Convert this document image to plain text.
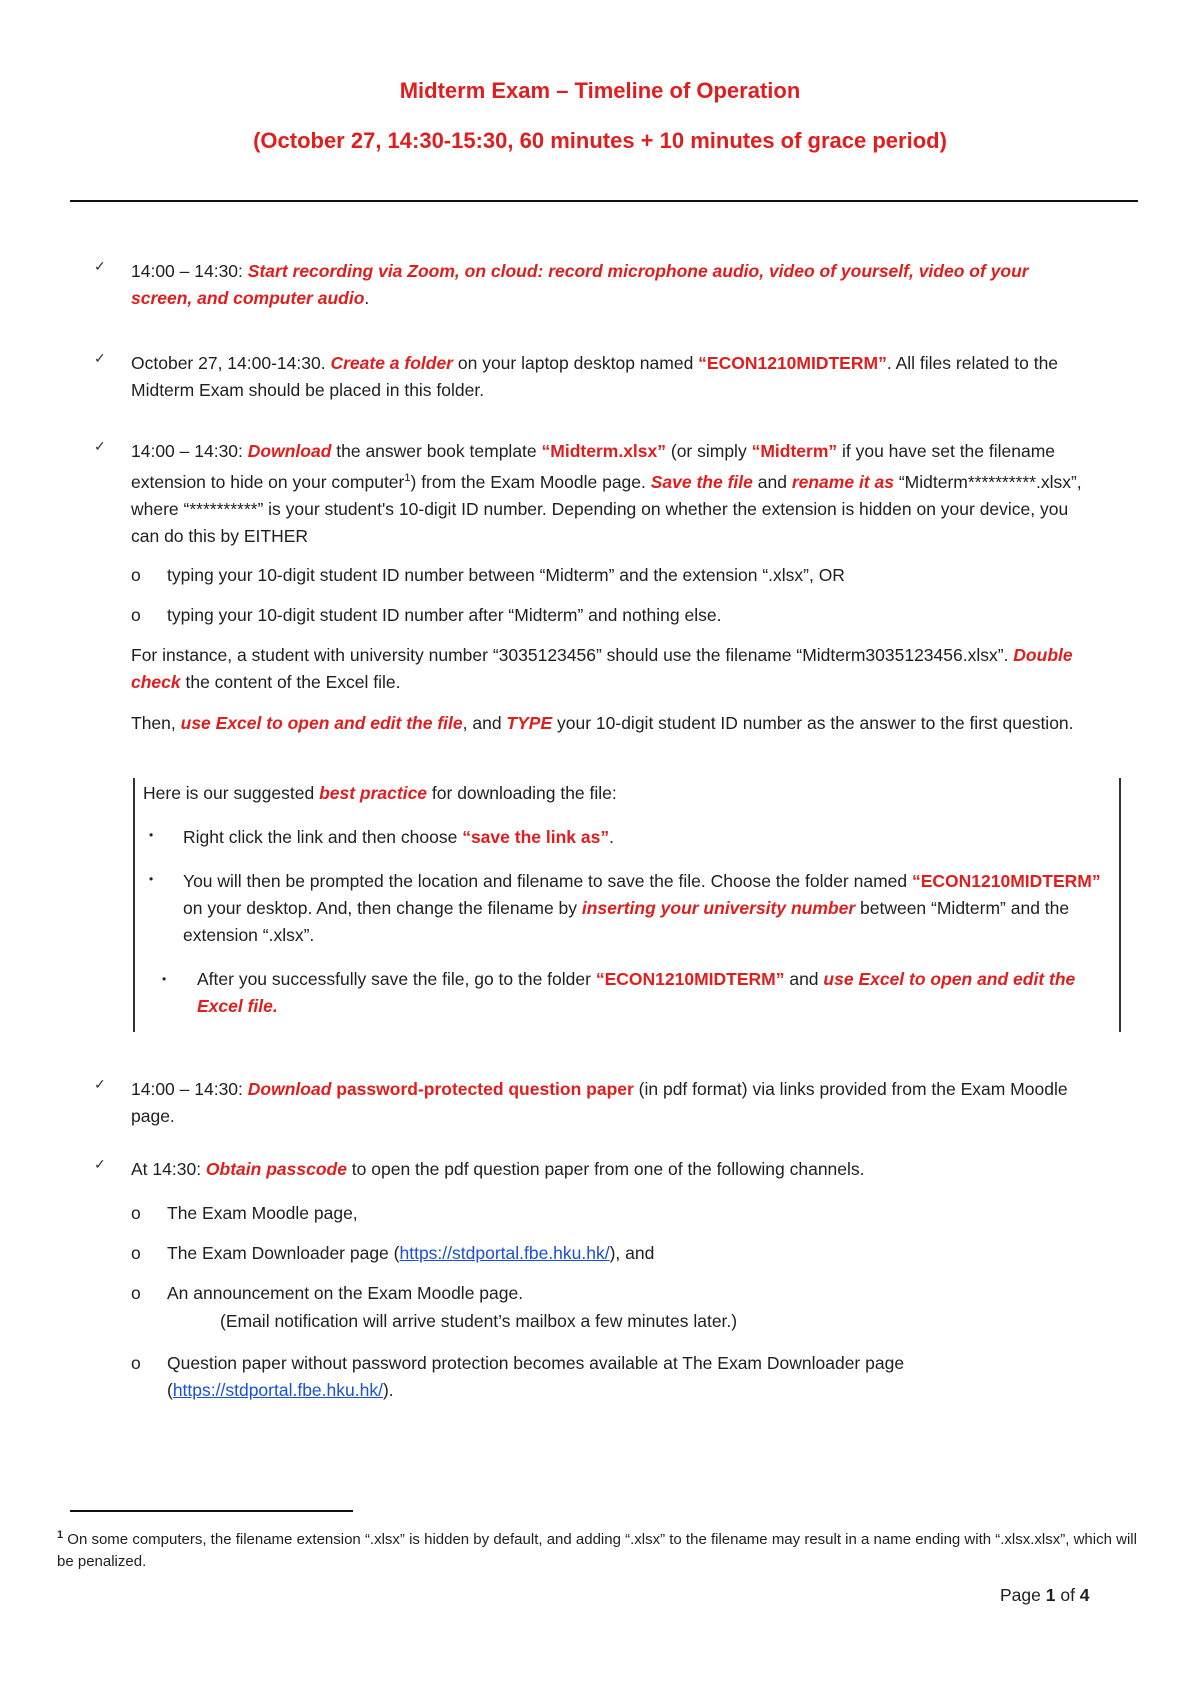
Midterm Exam – Timeline of Operation
(October 27, 14:30-15:30, 60 minutes + 10 minutes of grace period)
✓ 14:00 – 14:30: Start recording via Zoom, on cloud: record microphone audio, video of yourself, video of your screen, and computer audio.
✓ October 27, 14:00-14:30. Create a folder on your laptop desktop named “ECON1210MIDTERM”. All files related to the Midterm Exam should be placed in this folder.
✓ 14:00 – 14:30: Download the answer book template “Midterm.xlsx” (or simply “Midterm” if you have set the filename extension to hide on your computer$^1$) from the Exam Moodle page. Save the file and rename it as “Midterm**********.xlsx”, where “**********” is your student's 10-digit ID number. Depending on whether the extension is hidden on your device, you can do this by EITHER
o typing your 10-digit student ID number between “Midterm” and the extension “.xlsx”, OR
o typing your 10-digit student ID number after “Midterm” and nothing else.
For instance, a student with university number “3035123456” should use the filename “Midterm3035123456.xlsx”. Double check the content of the Excel file.
Then, use Excel to open and edit the file, and TYPE your 10-digit student ID number as the answer to the first question.
Here is our suggested best practice for downloading the file:
• Right click the link and then choose “save the link as”.
• You will then be prompted the location and filename to save the file. Choose the folder named “ECON1210MIDTERM” on your desktop. And, then change the filename by inserting your university number between “Midterm” and the extension “.xlsx”.
• After you successfully save the file, go to the folder “ECON1210MIDTERM” and use Excel to open and edit the Excel file.
✓ 14:00 – 14:30: Download password-protected question paper (in pdf format) via links provided from the Exam Moodle page.
✓ At 14:30: Obtain passcode to open the pdf question paper from one of the following channels.
o The Exam Moodle page,
o The Exam Downloader page (https://stdportal.fbe.hku.hk/), and
o An announcement on the Exam Moodle page.
(Email notification will arrive student’s mailbox a few minutes later.)
o Question paper without password protection becomes available at The Exam Downloader page (https://stdportal.fbe.hku.hk/).
$^1$ On some computers, the filename extension “.xlsx” is hidden by default, and adding “.xlsx” to the filename may result in a name ending with “.xlsx.xlsx”, which will be penalized.
Page 1 of 4
